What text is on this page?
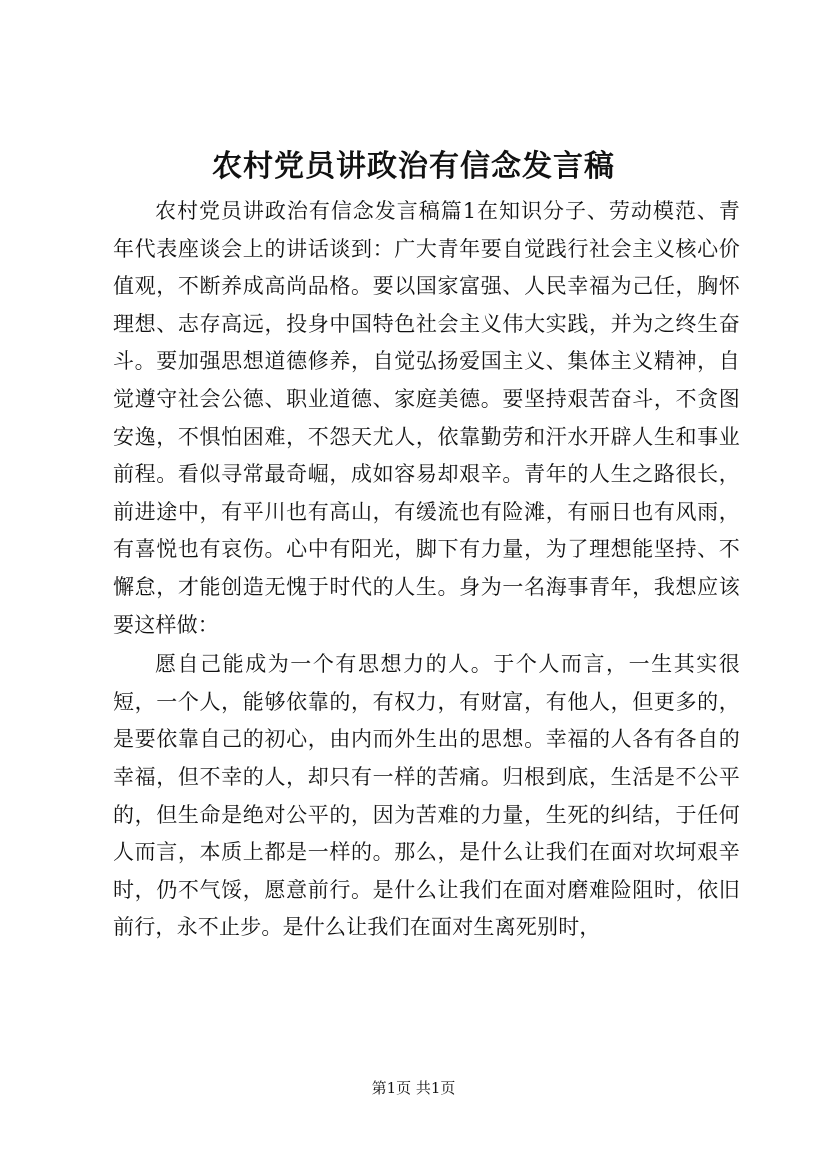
农村党员讲政治有信念发言稿

农村党员讲政治有信念发言稿篇1在知识分子、劳动模范、青年代表座谈会上的讲话谈到：广大青年要自觉践行社会主义核心价值观，不断养成高尚品格。要以国家富强、人民幸福为己任，胸怀理想、志存高远，投身中国特色社会主义伟大实践，并为之终生奋斗。要加强思想道德修养，自觉弘扬爱国主义、集体主义精神，自觉遵守社会公德、职业道德、家庭美德。要坚持艰苦奋斗，不贪图安逸，不惧怕困难，不怨天尤人，依靠勤劳和汗水开辟人生和事业前程。看似寻常最奇崛，成如容易却艰辛。青年的人生之路很长，前进途中，有平川也有高山，有缓流也有险滩，有丽日也有风雨，有喜悦也有哀伤。心中有阳光，脚下有力量，为了理想能坚持、不懈怠，才能创造无愧于时代的人生。身为一名海事青年，我想应该要这样做：

愿自己能成为一个有思想力的人。于个人而言，一生其实很短，一个人，能够依靠的，有权力，有财富，有他人，但更多的，是要依靠自己的初心，由内而外生出的思想。幸福的人各有各自的幸福，但不幸的人，却只有一样的苦痛。归根到底，生活是不公平的，但生命是绝对公平的，因为苦难的力量，生死的纠结，于任何人而言，本质上都是一样的。那么，是什么让我们在面对坎坷艰辛时，仍不气馁，愿意前行。是什么让我们在面对磨难险阻时，依旧前行，永不止步。是什么让我们在面对生离死别时，

第1页 共1页
